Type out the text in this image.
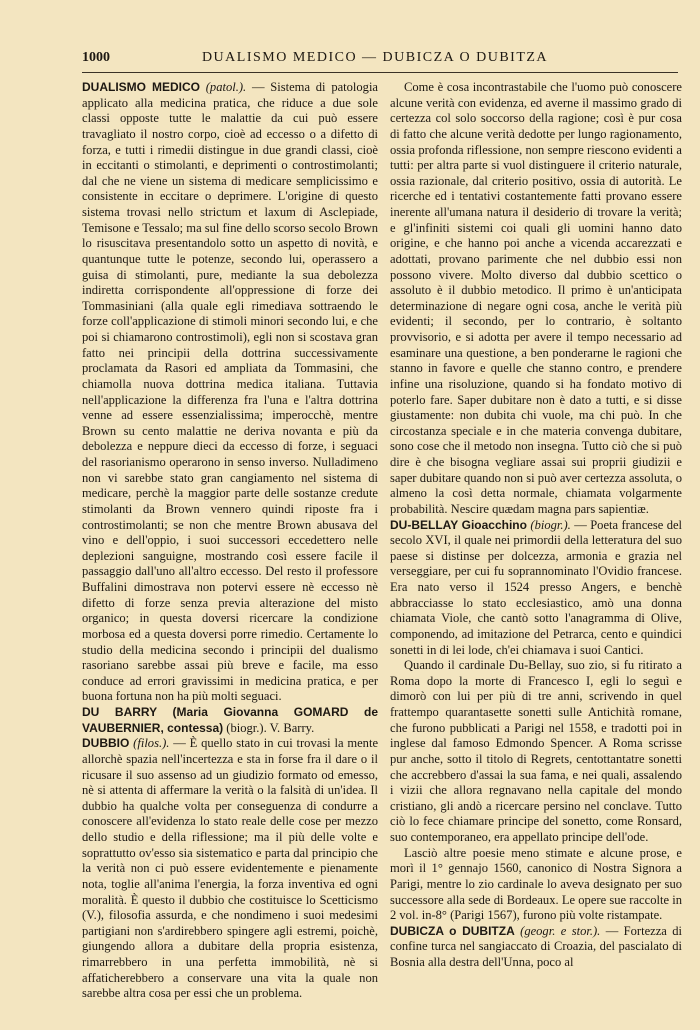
1000	DUALISMO MEDICO — DUBICZA O DUBITZA

DUALISMO MEDICO (patol.). — Sistema di patologia applicato alla medicina pratica, che riduce a due sole classi opposte tutte le malattie da cui può essere travagliato il nostro corpo, cioè ad eccesso o a difetto di forza, e tutti i rimedii distingue in due grandi classi, cioè in eccitanti o stimolanti, e deprimenti o controstimolanti; dal che ne viene un sistema di medicare semplicissimo e consistente in eccitare o deprimere. L'origine di questo sistema trovasi nello strictum et laxum di Asclepiade, Temisone e Tessalo; ma sul fine dello scorso secolo Brown lo risuscitava presentandolo sotto un aspetto di novità, e quantunque tutte le potenze, secondo lui, operassero a guisa di stimolanti, pure, mediante la sua debolezza indiretta corrispondente all'oppressione di forze dei Tommasiniani (alla quale egli rimediava sottraendo le forze coll'applicazione di stimoli minori secondo lui, e che poi si chiamarono controstimoli), egli non si scostava gran fatto nei principii della dottrina successivamente proclamata da Rasori ed ampliata da Tommasini, che chiamolla nuova dottrina medica italiana. Tuttavia nell'applicazione la differenza fra l'una e l'altra dottrina venne ad essere essenzialissima; imperocchè, mentre Brown su cento malattie ne deriva novanta e più da debolezza e neppure dieci da eccesso di forze, i seguaci del rasorianismo operarono in senso inverso. Nulladimeno non vi sarebbe stato gran cangiamento nel sistema di medicare, perchè la maggior parte delle sostanze credute stimolanti da Brown vennero quindi riposte fra i controstimolanti; se non che mentre Brown abusava del vino e dell'oppio, i suoi successori eccedettero nelle deplezioni sanguigne, mostrando così essere facile il passaggio dall'uno all'altro eccesso. Del resto il professore Buffalini dimostrava non potervi essere nè eccesso nè difetto di forze senza previa alterazione del misto organico; in questa doversi ricercare la condizione morbosa ed a questa doversi porre rimedio. Certamente lo studio della medicina secondo i principii del dualismo rasoriano sarebbe assai più breve e facile, ma esso conduce ad errori gravissimi in medicina pratica, e per buona fortuna non ha più molti seguaci.

DU BARRY (Maria Giovanna GOMARD de VAUBERNIER, contessa) (biogr.). V. Barry.

DUBBIO (filos.). — È quello stato in cui trovasi la mente allorchè spazia nell'incertezza e sta in forse fra il dare o il ricusare il suo assenso ad un giudizio formato od emesso, nè si attenta di affermare la verità o la falsità di un'idea. Il dubbio ha qualche volta per conseguenza di condurre a conoscere all'evidenza lo stato reale delle cose per mezzo dello studio e della riflessione; ma il più delle volte e soprattutto ov'esso sia sistematico e parta dal principio che la verità non ci può essere evidentemente e pienamente nota, toglie all'anima l'energia, la forza inventiva ed ogni moralità. È questo il dubbio che costituisce lo Scetticismo (V.), filosofia assurda, e che nondimeno i suoi medesimi partigiani non s'ardirebbero spingere agli estremi, poichè, giungendo allora a dubitare della propria esistenza, rimarrebbero in una perfetta immobilità, nè si affaticherebbero a conservare una vita la quale non sarebbe altra cosa per essi che un problema.

Come è cosa incontrastabile che l'uomo può conoscere alcune verità con evidenza, ed averne il massimo grado di certezza col solo soccorso della ragione; così è pur cosa di fatto che alcune verità dedotte per lungo ragionamento, ossia profonda riflessione, non sempre riescono evidenti a tutti: per altra parte si vuol distinguere il criterio naturale, ossia razionale, dal criterio positivo, ossia di autorità. Le ricerche ed i tentativi costantemente fatti provano essere inerente all'umana natura il desiderio di trovare la verità; e gl'infiniti sistemi coi quali gli uomini hanno dato origine, e che hanno poi anche a vicenda accarezzati e adottati, provano parimente che nel dubbio essi non possono vivere. Molto diverso dal dubbio scettico o assoluto è il dubbio metodico. Il primo è un'anticipata determinazione di negare ogni cosa, anche le verità più evidenti; il secondo, per lo contrario, è soltanto provvisorio, e si adotta per avere il tempo necessario ad esaminare una questione, a ben ponderarne le ragioni che stanno in favore e quelle che stanno contro, e prendere infine una risoluzione, quando si ha fondato motivo di poterlo fare. Saper dubitare non è dato a tutti, e si disse giustamente: non dubita chi vuole, ma chi può. In che circostanza speciale e in che materia convenga dubitare, sono cose che il metodo non insegna. Tutto ciò che si può dire è che bisogna vegliare assai sui proprii giudizii e saper dubitare quando non si può aver certezza assoluta, o almeno la così detta normale, chiamata volgarmente probabilità. Nescire quædam magna pars sapientiæ.

DU-BELLAY Gioacchino (biogr.). — Poeta francese del secolo XVI, il quale nei primordii della letteratura del suo paese si distinse per dolcezza, armonia e grazia nel verseggiare, per cui fu soprannominato l'Ovidio francese. Era nato verso il 1524 presso Angers, e benchè abbracciasse lo stato ecclesiastico, amò una donna chiamata Viole, che cantò sotto l'anagramma di Olive, componendo, ad imitazione del Petrarca, cento e quindici sonetti in di lei lode, ch'ei chiamava i suoi Cantici.

Quando il cardinale Du-Bellay, suo zio, si fu ritirato a Roma dopo la morte di Francesco I, egli lo seguì e dimorò con lui per più di tre anni, scrivendo in quel frattempo quarantasette sonetti sulle Antichità romane, che furono pubblicati a Parigi nel 1558, e tradotti poi in inglese dal famoso Edmondo Spencer. A Roma scrisse pur anche, sotto il titolo di Regrets, centottantatre sonetti che accrebbero d'assai la sua fama, e nei quali, assalendo i vizii che allora regnavano nella capitale del mondo cristiano, gli andò a ricercare persino nel conclave. Tutto ciò lo fece chiamare principe del sonetto, come Ronsard, suo contemporaneo, era appellato principe dell'ode.

Lasciò altre poesie meno stimate e alcune prose, e morì il 1° gennajo 1560, canonico di Nostra Signora a Parigi, mentre lo zio cardinale lo aveva designato per suo successore alla sede di Bordeaux. Le opere sue raccolte in 2 vol. in-8° (Parigi 1567), furono più volte ristampate.

DUBICZA o DUBITZA (geogr. e stor.). — Fortezza di confine turca nel sangiaccato di Croazia, del pascialato di Bosnia alla destra dell'Unna, poco al
